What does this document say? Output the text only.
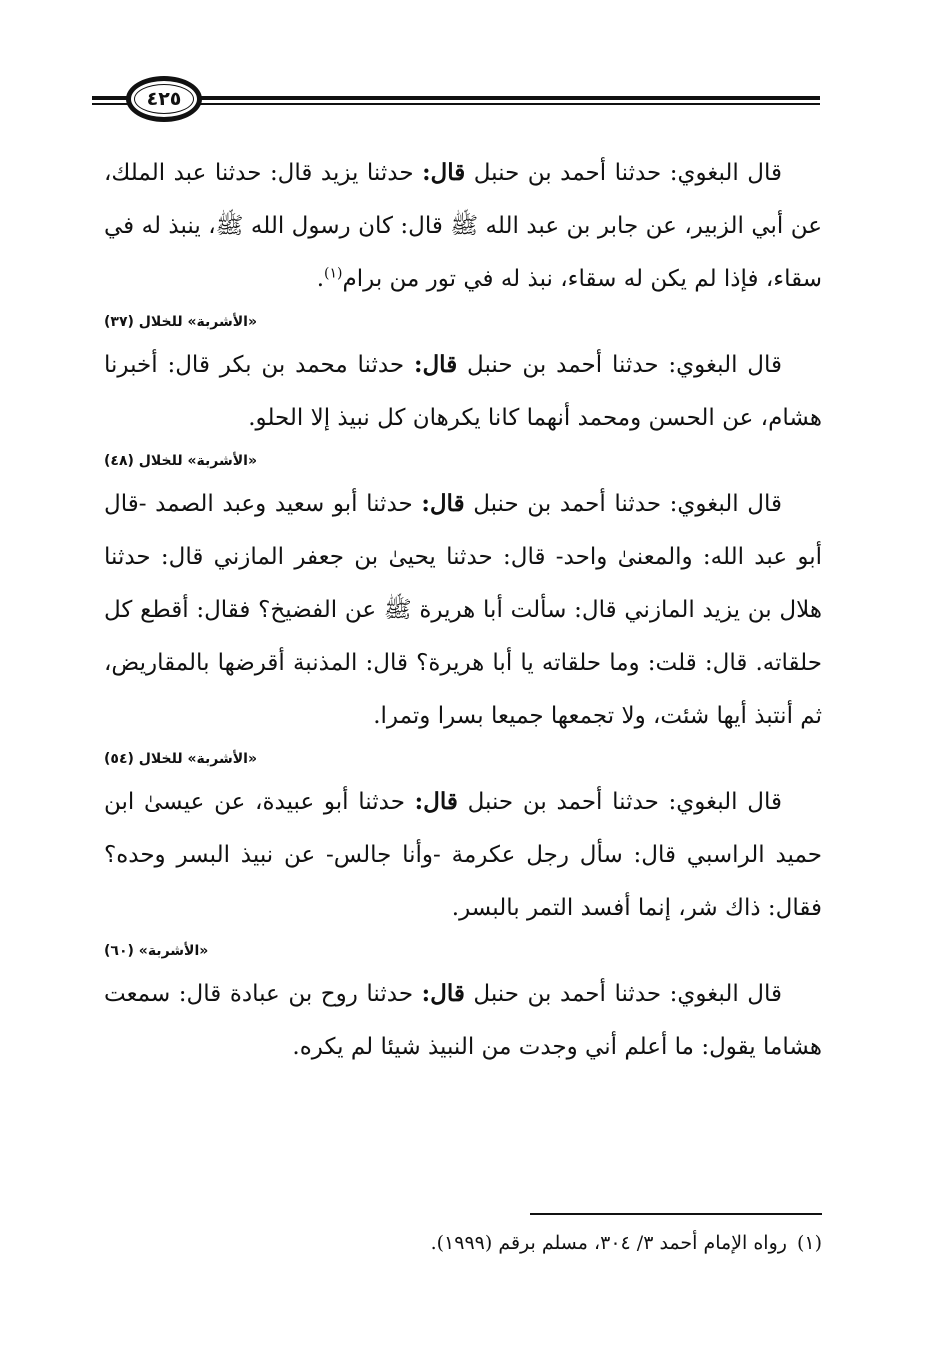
٤٢٥

قال البغوي: حدثنا أحمد بن حنبل قال: حدثنا يزيد قال: حدثنا عبد الملك، عن أبي الزبير، عن جابر بن عبد الله ﷺ قال: كان رسول الله ﷺ، ينبذ له في سقاء، فإذا لم يكن له سقاء، نبذ له في تور من برام$^{(١)}$.

«الأشربة» للخلال (٣٧)

قال البغوي: حدثنا أحمد بن حنبل قال: حدثنا محمد بن بكر قال: أخبرنا هشام، عن الحسن ومحمد أنهما كانا يكرهان كل نبيذ إلا الحلو.

«الأشربة» للخلال (٤٨)

قال البغوي: حدثنا أحمد بن حنبل قال: حدثنا أبو سعيد وعبد الصمد -قال أبو عبد الله: والمعنىٰ واحد- قال: حدثنا يحيىٰ بن جعفر المازني قال: حدثنا هلال بن يزيد المازني قال: سألت أبا هريرة ﷺ عن الفضيخ؟ فقال: أقطع كل حلقاته. قال: قلت: وما حلقاته يا أبا هريرة؟ قال: المذنبة أقرضها بالمقاريض، ثم أنتبذ أيها شئت، ولا تجمعها جميعا بسرا وتمرا.

«الأشربة» للخلال (٥٤)

قال البغوي: حدثنا أحمد بن حنبل قال: حدثنا أبو عبيدة، عن عيسىٰ ابن حميد الراسبي قال: سأل رجل عكرمة -وأنا جالس- عن نبيذ البسر وحده؟ فقال: ذاك شر، إنما أفسد التمر بالبسر.

«الأشربة» (٦٠)

قال البغوي: حدثنا أحمد بن حنبل قال: حدثنا روح بن عبادة قال: سمعت هشاما يقول: ما أعلم أني وجدت من النبيذ شيئا لم يكره.

(١)رواه الإمام أحمد ٣/ ٣٠٤، مسلم برقم (١٩٩٩).
